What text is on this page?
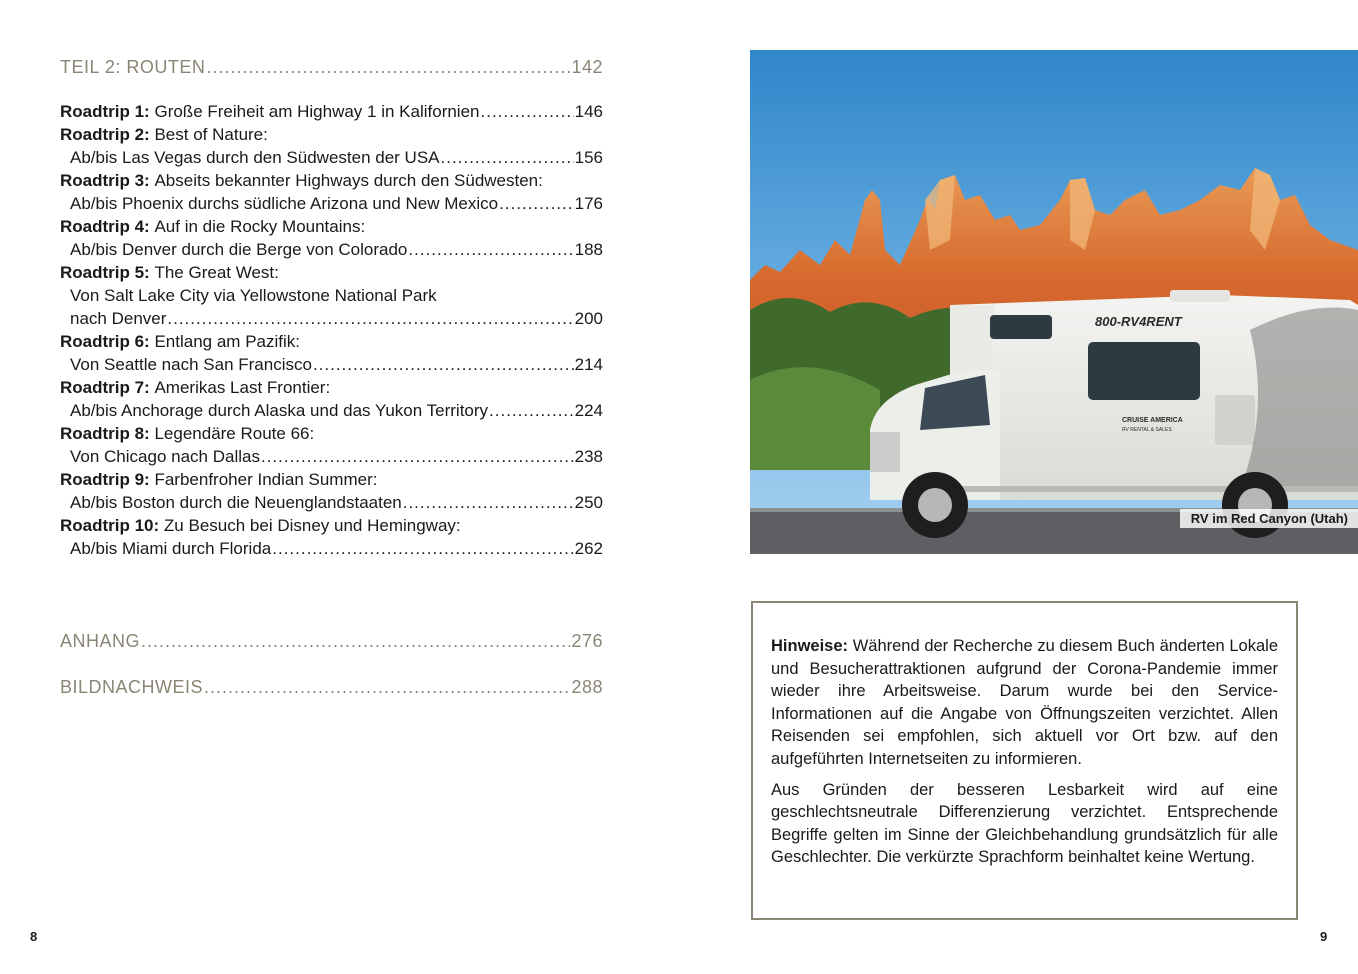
TEIL 2: ROUTEN .....	142
Roadtrip 1:
Große Freiheit am Highway 1 in Kalifornien .....	146
Roadtrip 2:
Best of Nature:
Ab/bis Las Vegas durch den Südwesten der USA .....	156
Roadtrip 3:
Abseits bekannter Highways durch den Südwesten:
Ab/bis Phoenix durchs südliche Arizona und New Mexico .....	176
Roadtrip 4:
Auf in die Rocky Mountains:
Ab/bis Denver durch die Berge von Colorado .....	188
Roadtrip 5:
The Great West:
Von Salt Lake City via Yellowstone National Park
nach Denver .....	200
Roadtrip 6:
Entlang am Pazifik:
Von Seattle nach San Francisco .....	214
Roadtrip 7:
Amerikas Last Frontier:
Ab/bis Anchorage durch Alaska und das Yukon Territory .....	224
Roadtrip 8:
Legendäre Route 66:
Von Chicago nach Dallas .....	238
Roadtrip 9:
Farbenfroher Indian Summer:
Ab/bis Boston durch die Neuenglandstaaten .....	250
Roadtrip 10:
Zu Besuch bei Disney und Hemingway:
Ab/bis Miami durch Florida .....	262
ANHANG .....	276
BILDNACHWEIS .....	288
800-RV4RENT
CRUISE AMERICA
RV RENTAL & SALES
RV im Red Canyon (Utah)

Hinweise: Während der Recherche zu diesem Buch änderten Lokale und Besucherattraktionen aufgrund der Corona-Pandemie immer wieder ihre Arbeitsweise. Darum wurde bei den Service-Informationen auf die Angabe von Öffnungszeiten verzichtet. Allen Reisenden sei empfohlen, sich aktuell vor Ort bzw. auf den aufgeführten Internetseiten zu informieren.

Aus Gründen der besseren Lesbarkeit wird auf eine geschlechtsneutrale Differenzierung verzichtet. Entsprechende Begriffe gelten im Sinne der Gleichbehandlung grundsätzlich für alle Geschlechter. Die verkürzte Sprachform beinhaltet keine Wertung.

8	9
